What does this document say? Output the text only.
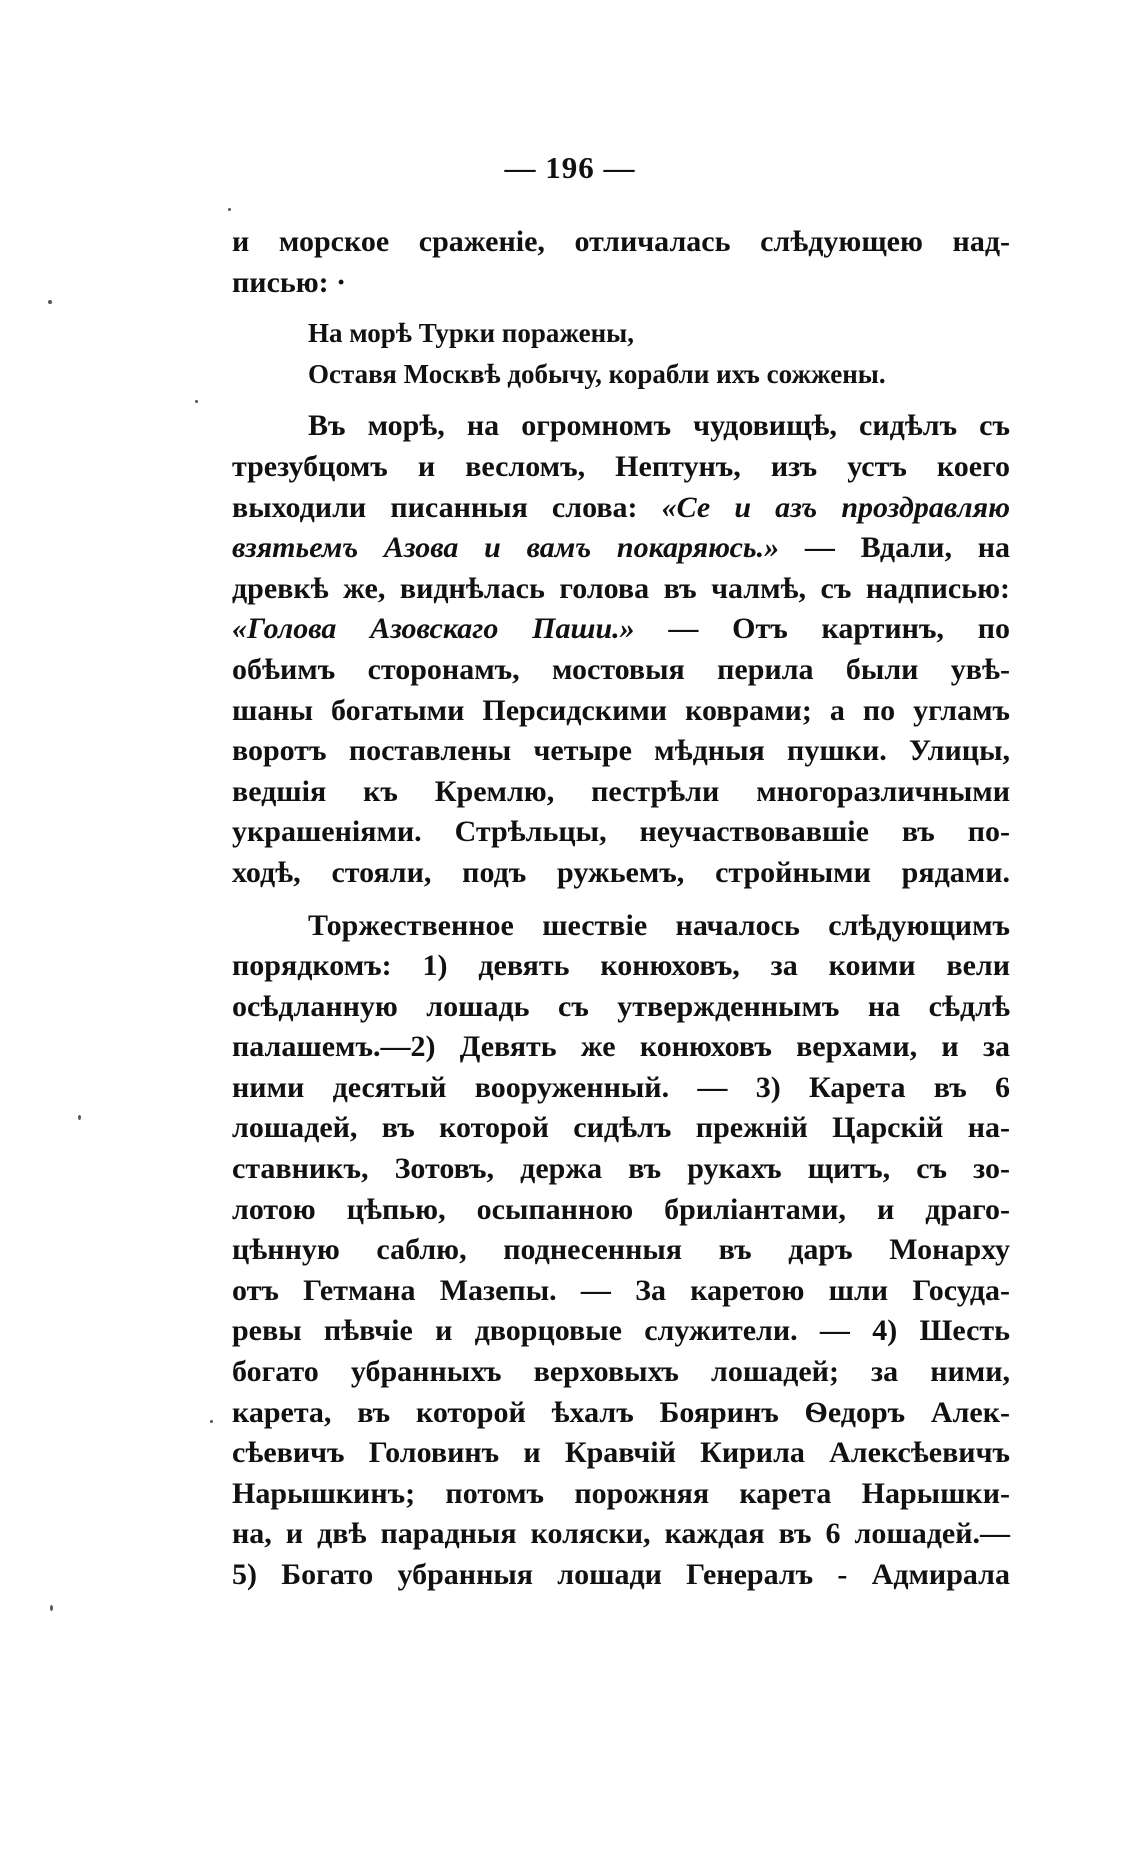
— 196 —
и морское сраженіе, отличалась слѣдующею над-
писью: ·
На морѣ Турки поражены,
Оставя Москвѣ добычу, корабли ихъ сожжены.
Въ морѣ, на огромномъ чудовищѣ, сидѣлъ съ
трезубцомъ и весломъ, Нептунъ, изъ устъ коего
выходили писанныя слова: «Се и азъ проздравляю
взятьемъ Азова и вамъ покаряюсь.» — Вдали, на
древкѣ же, виднѣлась голова въ чалмѣ, съ надписью:
«Голова Азовскаго Паши.» — Отъ картинъ, по
обѣимъ сторонамъ, мостовыя перила были увѣ-
шаны богатыми Персидскими коврами; а по угламъ
воротъ поставлены четыре мѣдныя пушки. Улицы,
ведшія къ Кремлю, пестрѣли многоразличными
украшеніями. Стрѣльцы, неучаствовавшіе въ по-
ходѣ, стояли, подъ ружьемъ, стройными рядами.
Торжественное шествіе началось слѣдующимъ
порядкомъ: 1) девять конюховъ, за коими вели
осѣдланную лошадь съ утвержденнымъ на сѣдлѣ
палашемъ.—2) Девять же конюховъ верхами, и за
ними десятый вооруженный. — 3) Карета въ 6
лошадей, въ которой сидѣлъ прежній Царскій на-
ставникъ, Зотовъ, держа въ рукахъ щитъ, съ зо-
лотою цѣпью, осыпанною бриліантами, и драго-
цѣнную саблю, поднесенныя въ даръ Монарху
отъ Гетмана Мазепы. — За каретою шли Госуда-
ревы пѣвчіе и дворцовые служители. — 4) Шесть
богато убранныхъ верховыхъ лошадей; за ними,
карета, въ которой ѣхалъ Бояринъ Ѳедоръ Алек-
сѣевичъ Головинъ и Кравчій Кирила Алексѣевичъ
Нарышкинъ; потомъ порожняя карета Нарышки-
на, и двѣ парадныя коляски, каждая въ 6 лошадей.—
5) Богато убранныя лошади Генералъ - Адмирала
